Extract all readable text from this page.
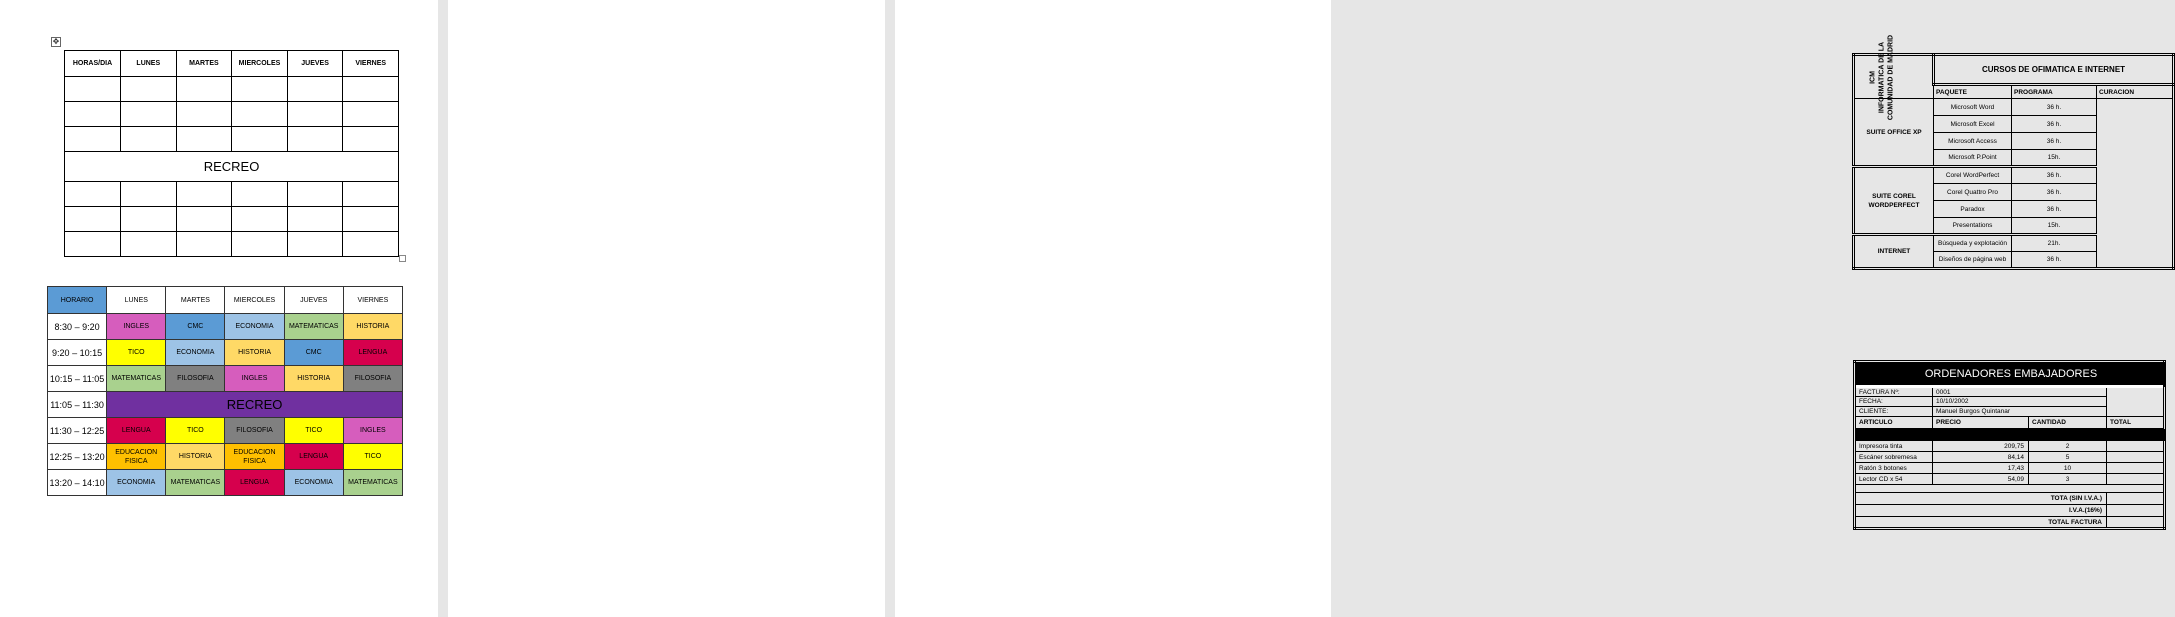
✥
HORAS/DIA	LUNES	MARTES	MIERCOLES	JUEVES	VIERNES

RECREO					

HORARIO	LUNES	MARTES	MIERCOLES	JUEVES	VIERNES
8:30 – 9:20	INGLES	CMC	ECONOMIA	MATEMATICAS	HISTORIA
9:20 – 10:15	TICO	ECONOMIA	HISTORIA	CMC	LENGUA
10:15 – 11:05	MATEMATICAS	FILOSOFIA	INGLES	HISTORIA	FILOSOFIA
11:05 – 11:30	RECREO				
11:30 – 12:25	LENGUA	TICO	FILOSOFIA	TICO	INGLES
12:25 – 13:20	EDUCACION FISICA	HISTORIA	EDUCACION FISICA	LENGUA	TICO
13:20 – 14:10	ECONOMIA	MATEMATICAS	LENGUA	ECONOMIA	MATEMATICAS

ICM INFORMATICA DE LA COMUNIDAD DE MADRID	CURSOS DE OFIMATICA E INTERNET		
	PAQUETE	PROGRAMA	CURACION
SUITE OFFICE XP	Microsoft Word	36 h.	
	Microsoft Excel	36 h.	
	Microsoft Access	36 h.	
	Microsoft P.Point	15h.	
SUITE COREL WORDPERFECT	Corel WordPerfect	36 h.	
	Corel Quattro Pro	36 h.	
	Paradox	36 h.	
	Presentations	15h.	
INTERNET	Búsqueda y explotación	21h.	
	Diseños de página web	36 h.	
ORDENADORES EMBAJADORES			
FACTURA Nº:	0001		
FECHA:	10/10/2002		
CLIENTE:	Manuel Burgos Quintanar		
ARTICULO	PRECIO	CANTIDAD	TOTAL

Impresora tinta	209,75	2	
Escáner sobremesa	84,14	5	
Ratón 3 botones	17,43	10	
Lector CD x 54	54,09	3	

TOTA (SIN I.V.A.)			
I.V.A.(16%)			
TOTAL FACTURA			
